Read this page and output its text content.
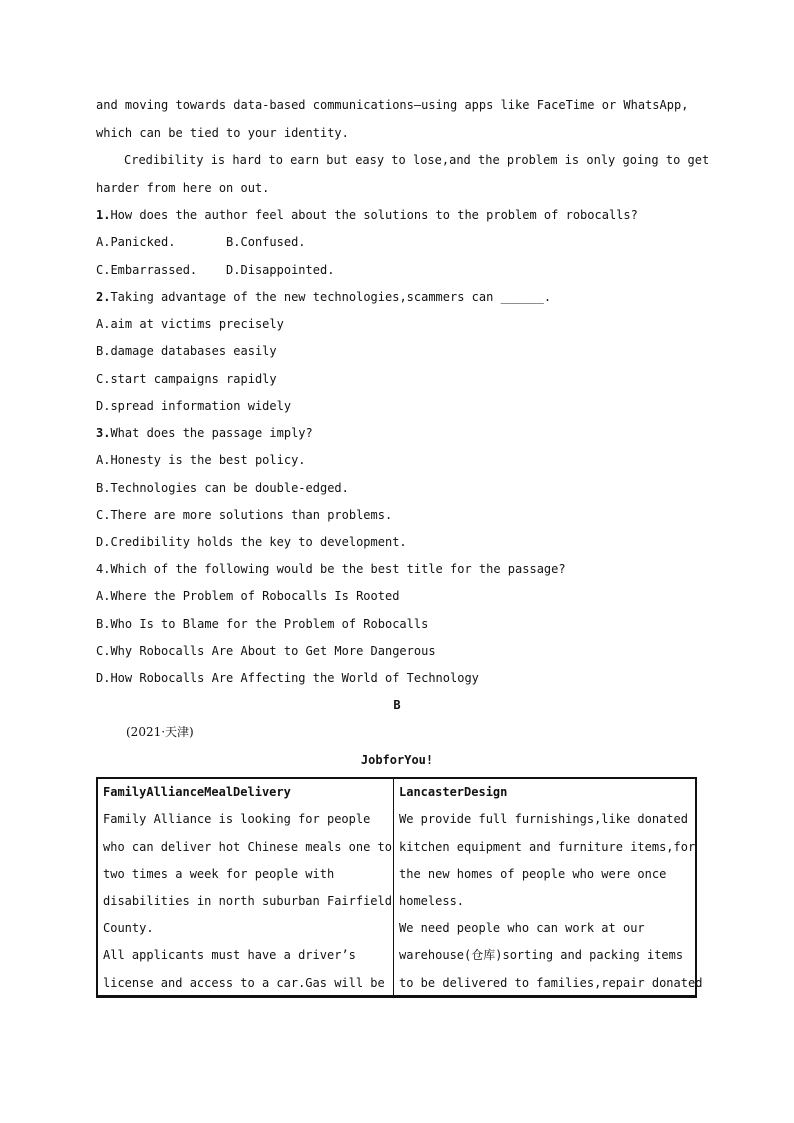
and moving towards data-based communications—using apps like FaceTime or WhatsApp,
which can be tied to your identity.
Credibility is hard to earn but easy to lose,and the problem is only going to get
harder from here on out.
1.How does the author feel about the solutions to the problem of robocalls?
A.Panicked.       B.Confused.
C.Embarrassed.    D.Disappointed.
2.Taking advantage of the new technologies,scammers can ______.
A.aim at victims precisely
B.damage databases easily
C.start campaigns rapidly
D.spread information widely
3.What does the passage imply?
A.Honesty is the best policy.
B.Technologies can be double-edged.
C.There are more solutions than problems.
D.Credibility holds the key to development.
4.Which of the following would be the best title for the passage?
A.Where the Problem of Robocalls Is Rooted
B.Who Is to Blame for the Problem of Robocalls
C.Why Robocalls Are About to Get More Dangerous
D.How Robocalls Are Affecting the World of Technology
B
(2021·天津)
JobforYou!
FamilyAllianceMealDelivery
Family Alliance is looking for people
who can deliver hot Chinese meals one to
two times a week for people with
disabilities in north suburban Fairfield
County.
All applicants must have a driver’s
license and access to a car.Gas will be
LancasterDesign
We provide full furnishings,like donated
kitchen equipment and furniture items,for
the new homes of people who were once
homeless.
We need people who can work at our
warehouse(仓库)sorting and packing items
to be delivered to families,repair donated
